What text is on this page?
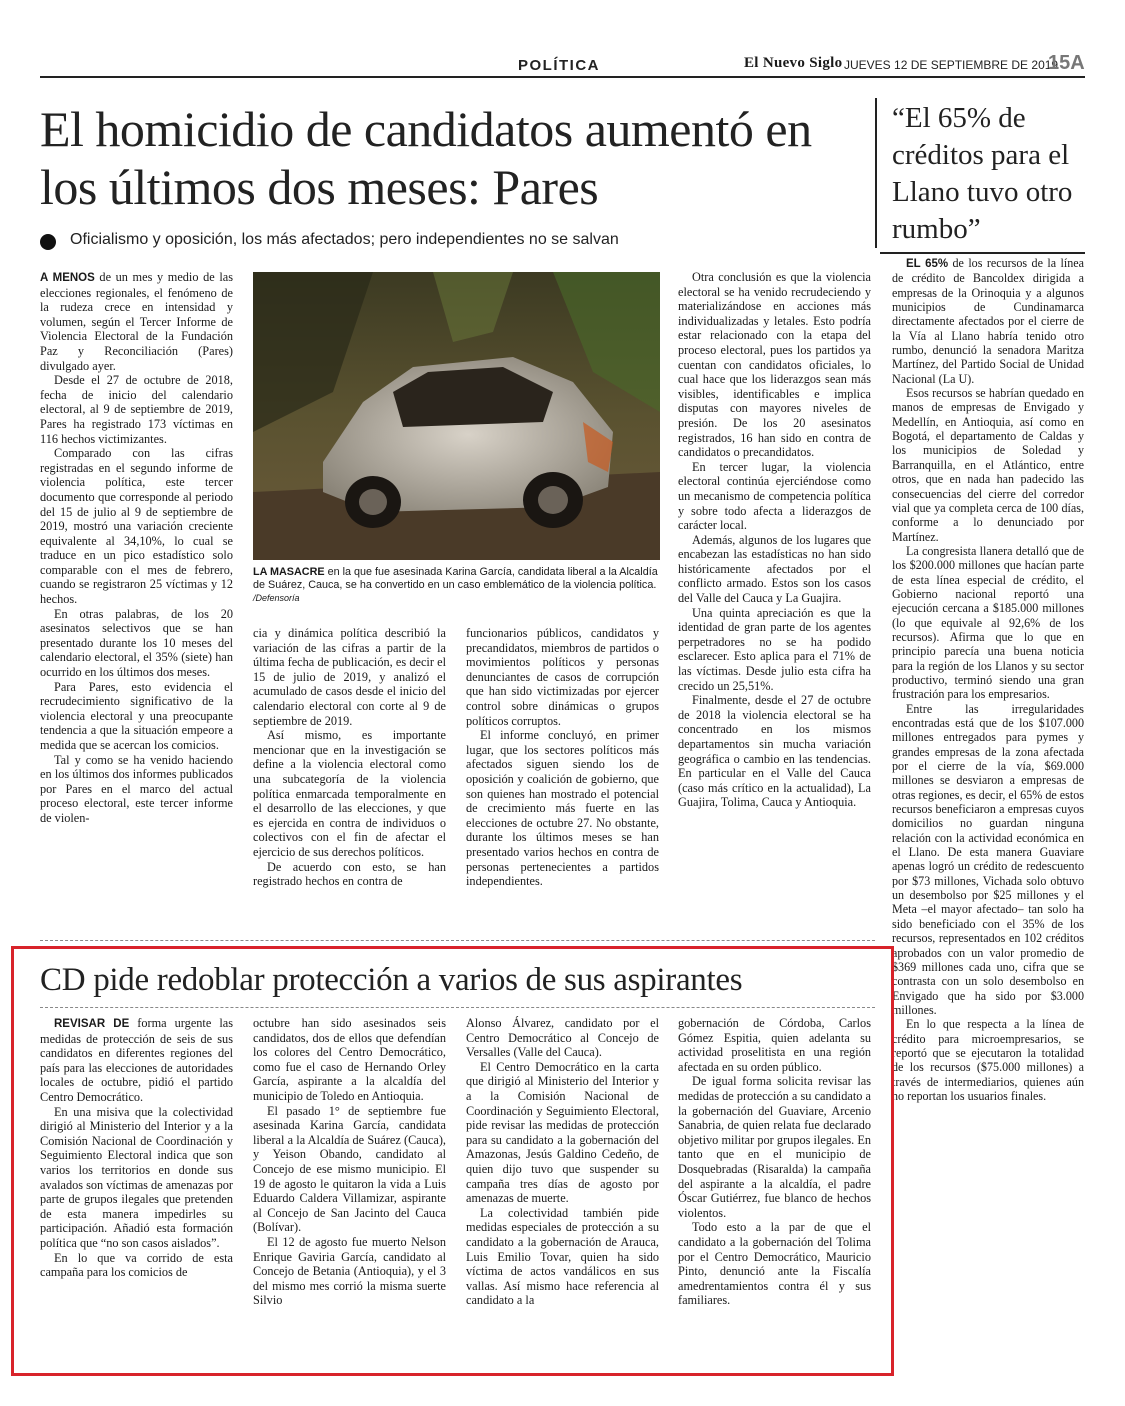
POLÍTICA	El Nuevo Siglo JUEVES 12 DE SEPTIEMBRE DE 2019
15A
El homicidio de candidatos aumentó en los últimos dos meses: Pares
Oficialismo y oposición, los más afectados; pero independientes no se salvan

A MENOS de un mes y medio de las elecciones regionales, el fenómeno de la rudeza crece en intensidad y volumen, según el Tercer Informe de Violencia Electoral de la Fundación Paz y Reconciliación (Pares) divulgado ayer.

Desde el 27 de octubre de 2018, fecha de inicio del calendario electoral, al 9 de septiembre de 2019, Pares ha registrado 173 víctimas en 116 hechos victimizantes.

Comparado con las cifras registradas en el segundo informe de violencia política, este tercer documento que corresponde al periodo del 15 de julio al 9 de septiembre de 2019, mostró una variación creciente equivalente al 34,10%, lo cual se traduce en un pico estadístico solo comparable con el mes de febrero, cuando se registraron 25 víctimas y 12 hechos.

En otras palabras, de los 20 asesinatos selectivos que se han presentado durante los 10 meses del calendario electoral, el 35% (siete) han ocurrido en los últimos dos meses.

Para Pares, esto evidencia el recrudecimiento significativo de la violencia electoral y una preocupante tendencia a que la situación empeore a medida que se acercan los comicios.

Tal y como se ha venido haciendo en los últimos dos informes publicados por Pares en el marco del actual proceso electoral, este tercer informe de violen-

LA MASACRE en la que fue asesinada Karina García, candidata liberal a la Alcaldía de Suárez, Cauca, se ha convertido en un caso emblemático de la violencia política. /Defensoría

cia y dinámica política describió la variación de las cifras a partir de la última fecha de publicación, es decir el 15 de julio de 2019, y analizó el acumulado de casos desde el inicio del calendario electoral con corte al 9 de septiembre de 2019.

Así mismo, es importante mencionar que en la investigación se define a la violencia electoral como una subcategoría de la violencia política enmarcada temporalmente en el desarrollo de las elecciones, y que es ejercida en contra de individuos o colectivos con el fin de afectar el ejercicio de sus derechos políticos.

De acuerdo con esto, se han registrado hechos en contra de

funcionarios públicos, candidatos y precandidatos, miembros de partidos o movimientos políticos y personas denunciantes de casos de corrupción que han sido victimizadas por ejercer control sobre dinámicas o grupos políticos corruptos.

El informe concluyó, en primer lugar, que los sectores políticos más afectados siguen siendo los de oposición y coalición de gobierno, que son quienes han mostrado el potencial de crecimiento más fuerte en las elecciones de octubre 27. No obstante, durante los últimos meses se han presentado varios hechos en contra de personas pertenecientes a partidos independientes.

Otra conclusión es que la violencia electoral se ha venido recrudeciendo y materializándose en acciones más individualizadas y letales. Esto podría estar relacionado con la etapa del proceso electoral, pues los partidos ya cuentan con candidatos oficiales, lo cual hace que los liderazgos sean más visibles, identificables e implica disputas con mayores niveles de presión. De los 20 asesinatos registrados, 16 han sido en contra de candidatos o precandidatos.

En tercer lugar, la violencia electoral continúa ejerciéndose como un mecanismo de competencia política y sobre todo afecta a liderazgos de carácter local.

Además, algunos de los lugares que encabezan las estadísticas no han sido históricamente afectados por el conflicto armado. Estos son los casos del Valle del Cauca y La Guajira.

Una quinta apreciación es que la identidad de gran parte de los agentes perpetradores no se ha podido esclarecer. Esto aplica para el 71% de las víctimas. Desde julio esta cifra ha crecido un 25,51%.

Finalmente, desde el 27 de octubre de 2018 la violencia electoral se ha concentrado en los mismos departamentos sin mucha variación geográfica o cambio en las tendencias. En particular en el Valle del Cauca (caso más crítico en la actualidad), La Guajira, Tolima, Cauca y Antioquia.

“El 65% de créditos para el Llano tuvo otro rumbo”

EL 65% de los recursos de la línea de crédito de Bancoldex dirigida a empresas de la Orinoquia y a algunos municipios de Cundinamarca directamente afectados por el cierre de la Vía al Llano habría tenido otro rumbo, denunció la senadora Maritza Martínez, del Partido Social de Unidad Nacional (La U).

Esos recursos se habrían quedado en manos de empresas de Envigado y Medellín, en Antioquia, así como en Bogotá, el departamento de Caldas y los municipios de Soledad y Barranquilla, en el Atlántico, entre otros, que en nada han padecido las consecuencias del cierre del corredor vial que ya completa cerca de 100 días, conforme a lo denunciado por Martínez.

La congresista llanera detalló que de los $200.000 millones que hacían parte de esta línea especial de crédito, el Gobierno nacional reportó una ejecución cercana a $185.000 millones (lo que equivale al 92,6% de los recursos). Afirma que lo que en principio parecía una buena noticia para la región de los Llanos y su sector productivo, terminó siendo una gran frustración para los empresarios.

Entre las irregularidades encontradas está que de los $107.000 millones entregados para pymes y grandes empresas de la zona afectada por el cierre de la vía, $69.000 millones se desviaron a empresas de otras regiones, es decir, el 65% de estos recursos beneficiaron a empresas cuyos domicilios no guardan ninguna relación con la actividad económica en el Llano. De esta manera Guaviare apenas logró un crédito de redescuento por $73 millones, Vichada solo obtuvo un desembolso por $25 millones y el Meta –el mayor afectado– tan solo ha sido beneficiado con el 35% de los recursos, representados en 102 créditos aprobados con un valor promedio de $369 millones cada uno, cifra que se contrasta con un solo desembolso en Envigado que ha sido por $3.000 millones.

En lo que respecta a la línea de crédito para microempresarios, se reportó que se ejecutaron la totalidad de los recursos ($75.000 millones) a través de intermediarios, quienes aún no reportan los usuarios finales.

CD pide redoblar protección a varios de sus aspirantes

REVISAR DE forma urgente las medidas de protección de seis de sus candidatos en diferentes regiones del país para las elecciones de autoridades locales de octubre, pidió el partido Centro Democrático.

En una misiva que la colectividad dirigió al Ministerio del Interior y a la Comisión Nacional de Coordinación y Seguimiento Electoral indica que son varios los territorios en donde sus avalados son víctimas de amenazas por parte de grupos ilegales que pretenden de esta manera impedirles su participación. Añadió esta formación política que “no son casos aislados”.

En lo que va corrido de esta campaña para los comicios de

octubre han sido asesinados seis candidatos, dos de ellos que defendían los colores del Centro Democrático, como fue el caso de Hernando Orley García, aspirante a la alcaldía del municipio de Toledo en Antioquia.

El pasado 1° de septiembre fue asesinada Karina García, candidata liberal a la Alcaldía de Suárez (Cauca), y Yeison Obando, candidato al Concejo de ese mismo municipio. El 19 de agosto le quitaron la vida a Luis Eduardo Caldera Villamizar, aspirante al Concejo de San Jacinto del Cauca (Bolívar).

El 12 de agosto fue muerto Nelson Enrique Gaviria García, candidato al Concejo de Betania (Antioquia), y el 3 del mismo mes corrió la misma suerte Silvio

Alonso Álvarez, candidato por el Centro Democrático al Concejo de Versalles (Valle del Cauca).

El Centro Democrático en la carta que dirigió al Ministerio del Interior y a la Comisión Nacional de Coordinación y Seguimiento Electoral, pide revisar las medidas de protección para su candidato a la gobernación del Amazonas, Jesús Galdino Cedeño, de quien dijo tuvo que suspender su campaña tres días de agosto por amenazas de muerte.

La colectividad también pide medidas especiales de protección a su candidato a la gobernación de Arauca, Luis Emilio Tovar, quien ha sido víctima de actos vandálicos en sus vallas. Así mismo hace referencia al candidato a la

gobernación de Córdoba, Carlos Gómez Espitia, quien adelanta su actividad proselitista en una región afectada en su orden público.

De igual forma solicita revisar las medidas de protección a su candidato a la gobernación del Guaviare, Arcenio Sanabria, de quien relata fue declarado objetivo militar por grupos ilegales. En tanto que en el municipio de Dosquebradas (Risaralda) la campaña del aspirante a la alcaldía, el padre Óscar Gutiérrez, fue blanco de hechos violentos.

Todo esto a la par de que el candidato a la gobernación del Tolima por el Centro Democrático, Mauricio Pinto, denunció ante la Fiscalía amedrentamientos contra él y sus familiares.
